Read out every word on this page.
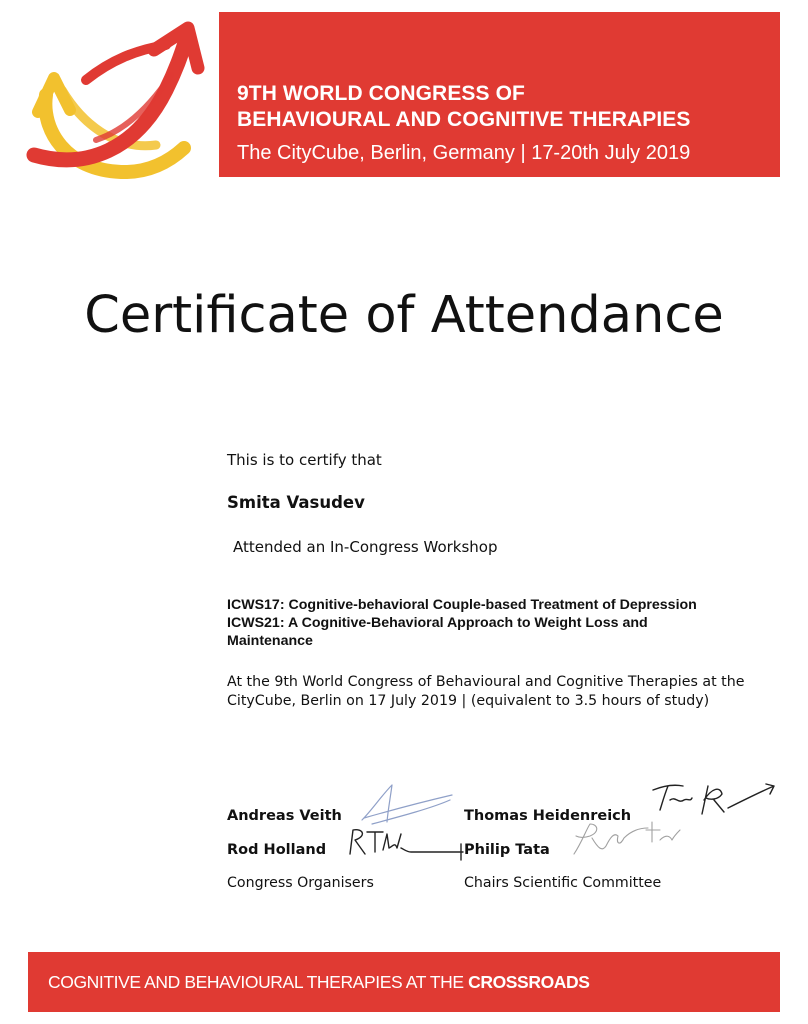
9TH WORLD CONGRESS OF
BEHAVIOURAL AND COGNITIVE THERAPIES
The CityCube, Berlin, Germany | 17-20th July 2019
Certificate of Attendance
This is to certify that
Smita Vasudev
Attended an In-Congress Workshop
ICWS17: Cognitive-behavioral Couple-based Treatment of Depression
ICWS21: A Cognitive-Behavioral Approach to Weight Loss and
Maintenance
At the 9th World Congress of Behavioural and Cognitive Therapies at the
CityCube, Berlin on 17 July 2019 | (equivalent to 3.5 hours of study)
Andreas Veith
Rod Holland
Congress Organisers
Thomas Heidenreich
Philip Tata
Chairs Scientific Committee
COGNITIVE AND BEHAVIOURAL THERAPIES AT THE CROSSROADS
